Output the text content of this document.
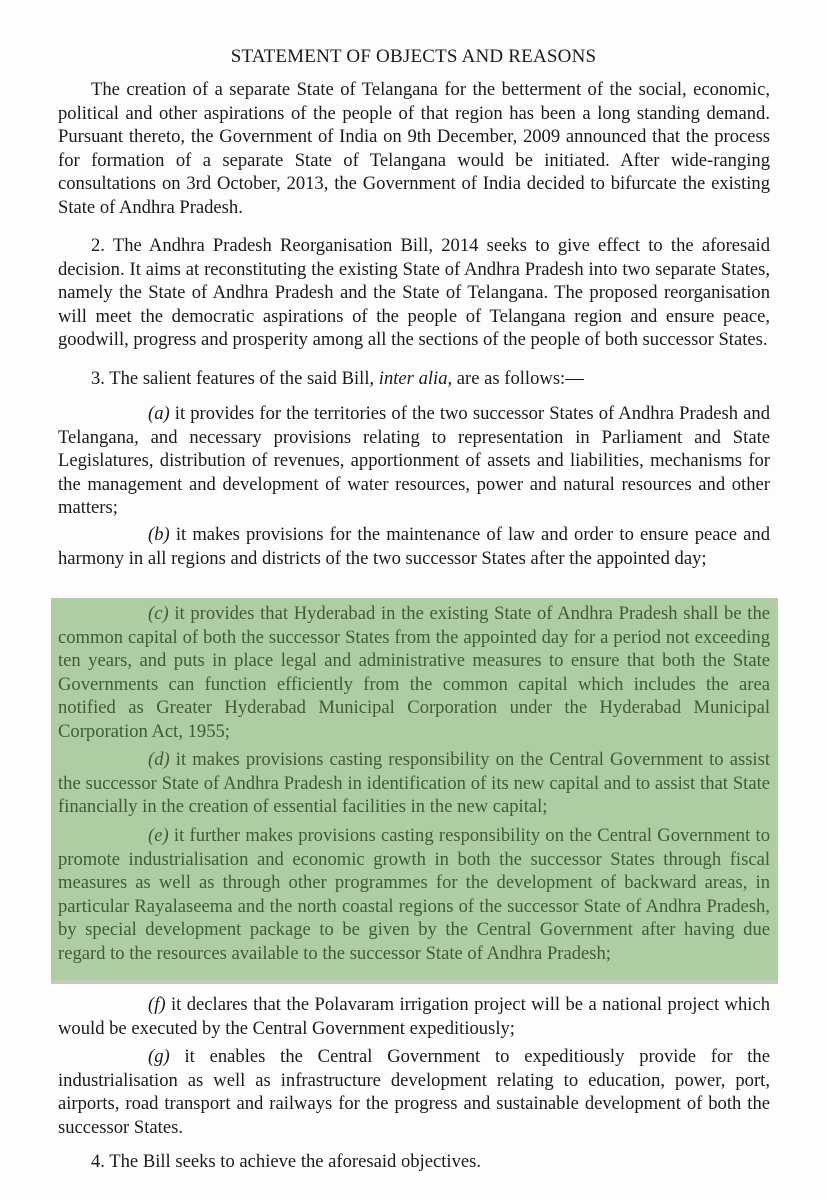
STATEMENT OF OBJECTS AND REASONS
The creation of a separate State of Telangana for the betterment of the social, economic, political and other aspirations of the people of that region has been a long standing demand. Pursuant thereto, the Government of India on 9th December, 2009 announced that the process for formation of a separate State of Telangana would be initiated. After wide-ranging consultations on 3rd October, 2013, the Government of India decided to bifurcate the existing State of Andhra Pradesh.
2. The Andhra Pradesh Reorganisation Bill, 2014 seeks to give effect to the aforesaid decision. It aims at reconstituting the existing State of Andhra Pradesh into two separate States, namely the State of Andhra Pradesh and the State of Telangana. The proposed reorganisation will meet the democratic aspirations of the people of Telangana region and ensure peace, goodwill, progress and prosperity among all the sections of the people of both successor States.
3. The salient features of the said Bill, inter alia, are as follows:—
(a) it provides for the territories of the two successor States of Andhra Pradesh and Telangana, and necessary provisions relating to representation in Parliament and State Legislatures, distribution of revenues, apportionment of assets and liabilities, mechanisms for the management and development of water resources, power and natural resources and other matters;
(b) it makes provisions for the maintenance of law and order to ensure peace and harmony in all regions and districts of the two successor States after the appointed day;
(c) it provides that Hyderabad in the existing State of Andhra Pradesh shall be the common capital of both the successor States from the appointed day for a period not exceeding ten years, and puts in place legal and administrative measures to ensure that both the State Governments can function efficiently from the common capital which includes the area notified as Greater Hyderabad Municipal Corporation under the Hyderabad Municipal Corporation Act, 1955;
(d) it makes provisions casting responsibility on the Central Government to assist the successor State of Andhra Pradesh in identification of its new capital and to assist that State financially in the creation of essential facilities in the new capital;
(e) it further makes provisions casting responsibility on the Central Government to promote industrialisation and economic growth in both the successor States through fiscal measures as well as through other programmes for the development of backward areas, in particular Rayalaseema and the north coastal regions of the successor State of Andhra Pradesh, by special development package to be given by the Central Government after having due regard to the resources available to the successor State of Andhra Pradesh;
(f) it declares that the Polavaram irrigation project will be a national project which would be executed by the Central Government expeditiously;
(g) it enables the Central Government to expeditiously provide for the industrialisation as well as infrastructure development relating to education, power, port, airports, road transport and railways for the progress and sustainable development of both the successor States.
4. The Bill seeks to achieve the aforesaid objectives.
